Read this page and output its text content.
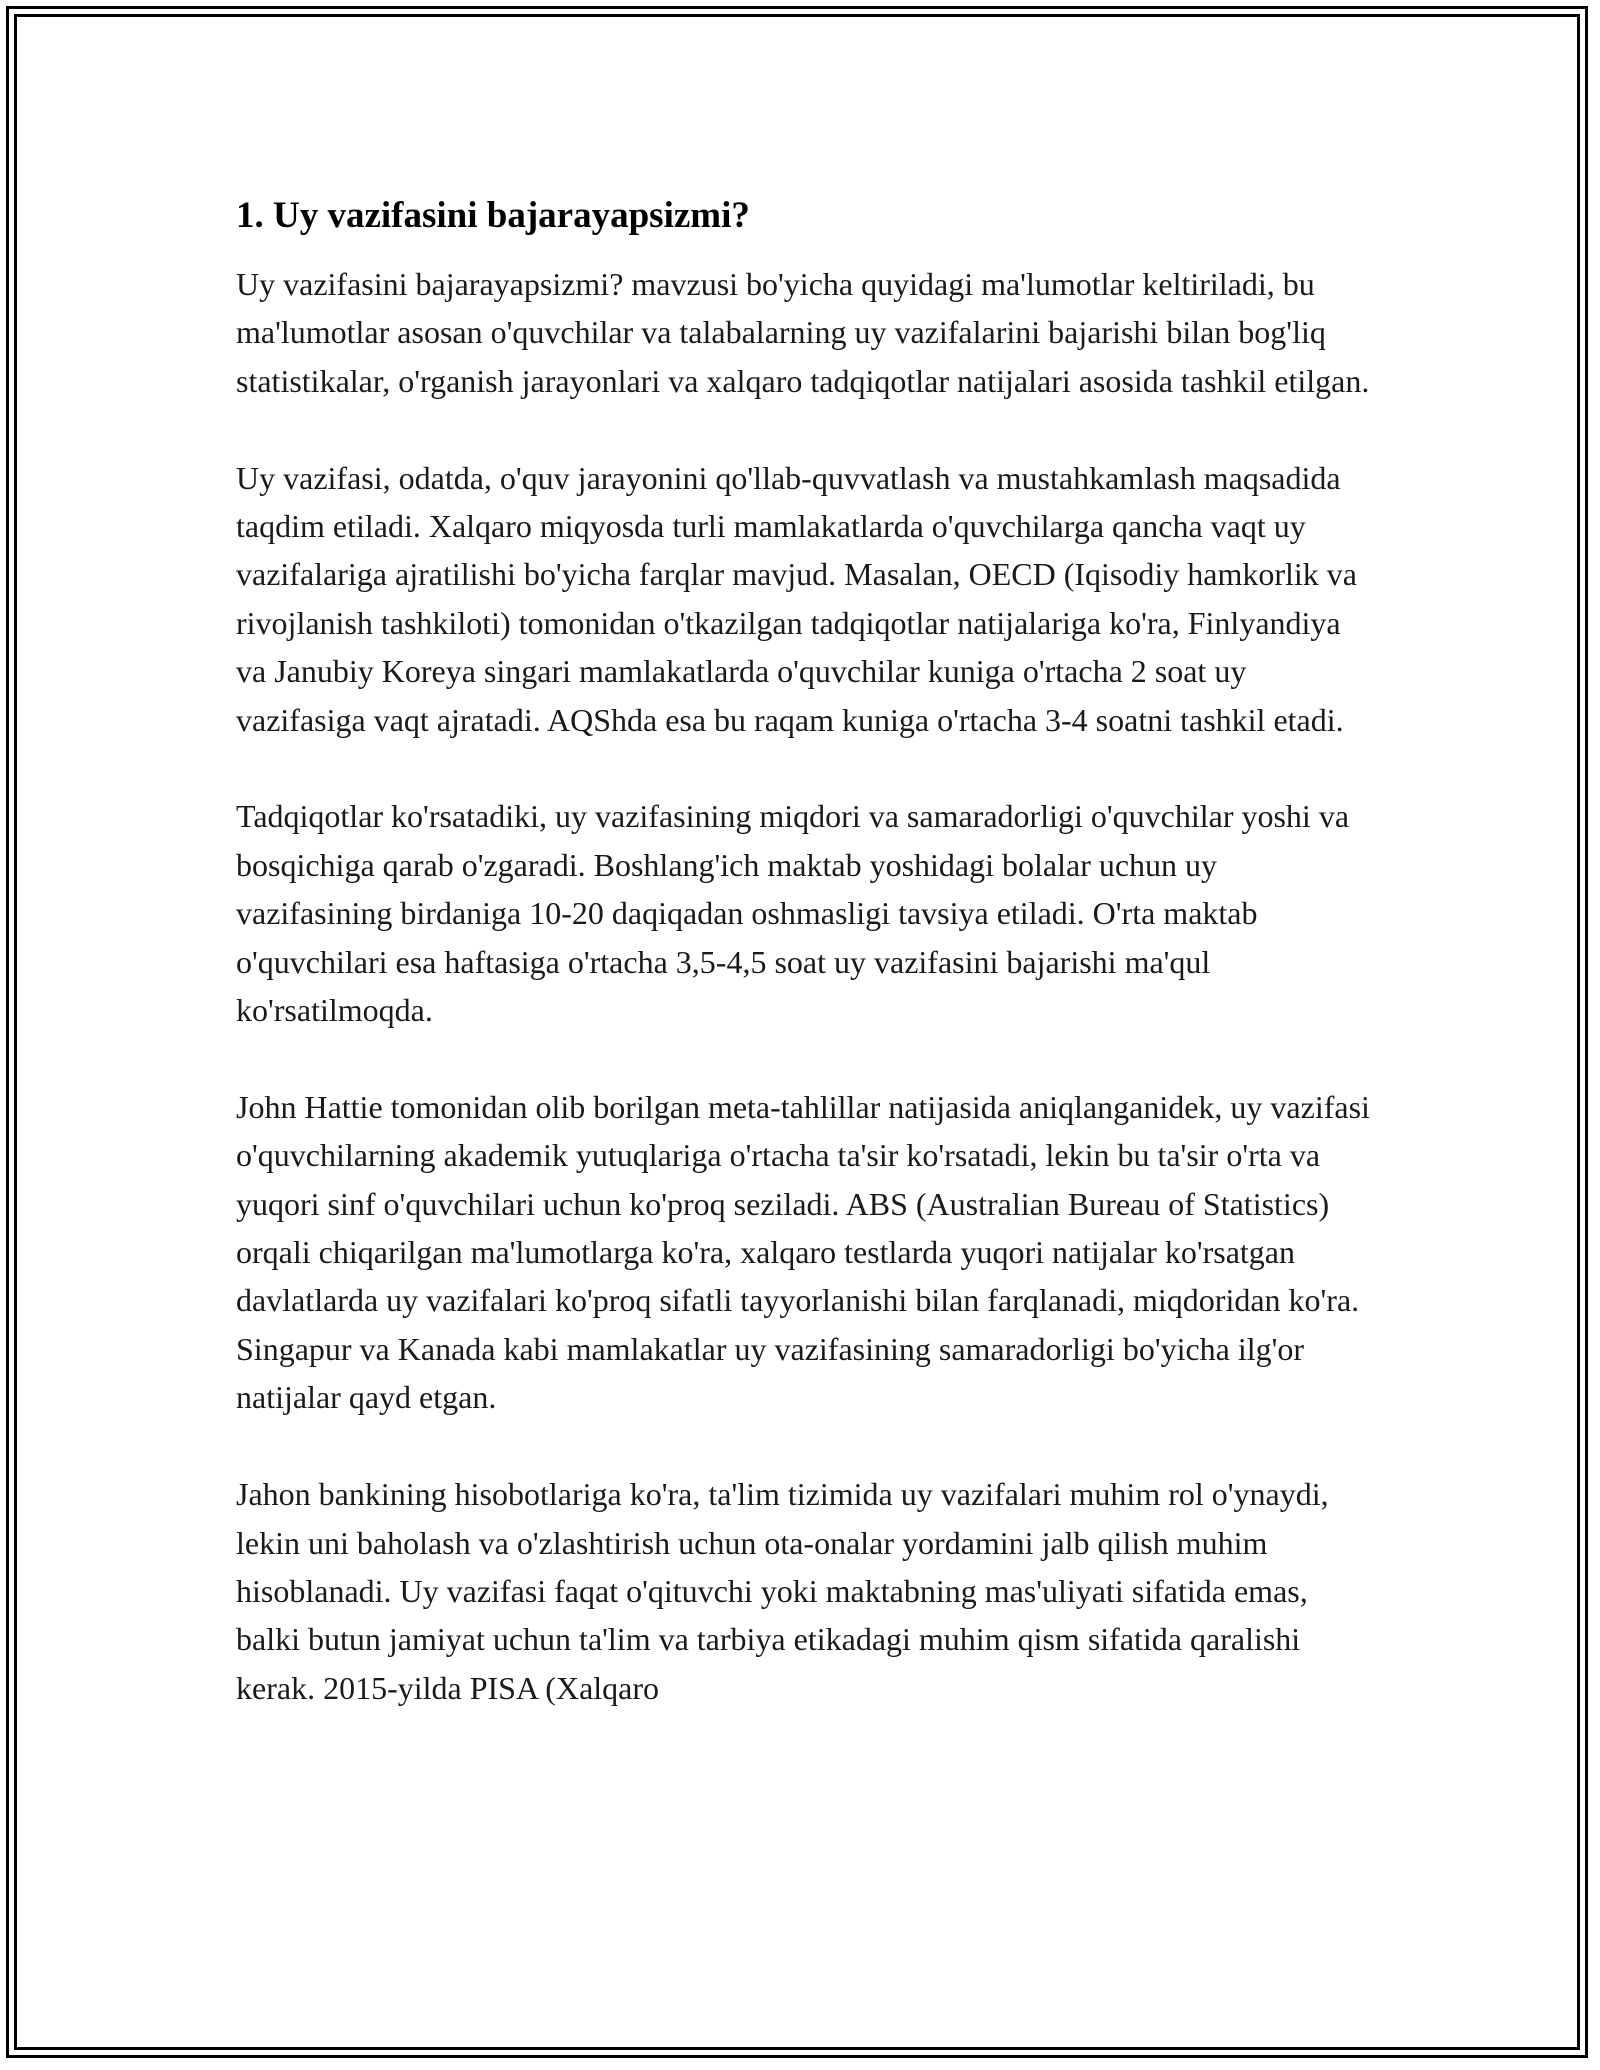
1. Uy vazifasini bajarayapsizmi?

Uy vazifasini bajarayapsizmi? mavzusi bo'yicha quyidagi ma'lumotlar keltiriladi, bu ma'lumotlar asosan o'quvchilar va talabalarning uy vazifalarini bajarishi bilan bog'liq statistikalar, o'rganish jarayonlari va xalqaro tadqiqotlar natijalari asosida tashkil etilgan.

Uy vazifasi, odatda, o'quv jarayonini qo'llab-quvvatlash va mustahkamlash maqsadida taqdim etiladi. Xalqaro miqyosda turli mamlakatlarda o'quvchilarga qancha vaqt uy vazifalariga ajratilishi bo'yicha farqlar mavjud. Masalan, OECD (Iqisodiy hamkorlik va rivojlanish tashkiloti) tomonidan o'tkazilgan tadqiqotlar natijalariga ko'ra, Finlyandiya va Janubiy Koreya singari mamlakatlarda o'quvchilar kuniga o'rtacha 2 soat uy vazifasiga vaqt ajratadi. AQShda esa bu raqam kuniga o'rtacha 3-4 soatni tashkil etadi.

Tadqiqotlar ko'rsatadiki, uy vazifasining miqdori va samaradorligi o'quvchilar yoshi va bosqichiga qarab o'zgaradi. Boshlang'ich maktab yoshidagi bolalar uchun uy vazifasining birdaniga 10-20 daqiqadan oshmasligi tavsiya etiladi. O'rta maktab o'quvchilari esa haftasiga o'rtacha 3,5-4,5 soat uy vazifasini bajarishi ma'qul ko'rsatilmoqda.

John Hattie tomonidan olib borilgan meta-tahlillar natijasida aniqlanganidek, uy vazifasi o'quvchilarning akademik yutuqlariga o'rtacha ta'sir ko'rsatadi, lekin bu ta'sir o'rta va yuqori sinf o'quvchilari uchun ko'proq seziladi. ABS (Australian Bureau of Statistics) orqali chiqarilgan ma'lumotlarga ko'ra, xalqaro testlarda yuqori natijalar ko'rsatgan davlatlarda uy vazifalari ko'proq sifatli tayyorlanishi bilan farqlanadi, miqdoridan ko'ra. Singapur va Kanada kabi mamlakatlar uy vazifasining samaradorligi bo'yicha ilg'or natijalar qayd etgan.

Jahon bankining hisobotlariga ko'ra, ta'lim tizimida uy vazifalari muhim rol o'ynaydi, lekin uni baholash va o'zlashtirish uchun ota-onalar yordamini jalb qilish muhim hisoblanadi. Uy vazifasi faqat o'qituvchi yoki maktabning mas'uliyati sifatida emas, balki butun jamiyat uchun ta'lim va tarbiya etikadagi muhim qism sifatida qaralishi kerak. 2015-yilda PISA (Xalqaro
